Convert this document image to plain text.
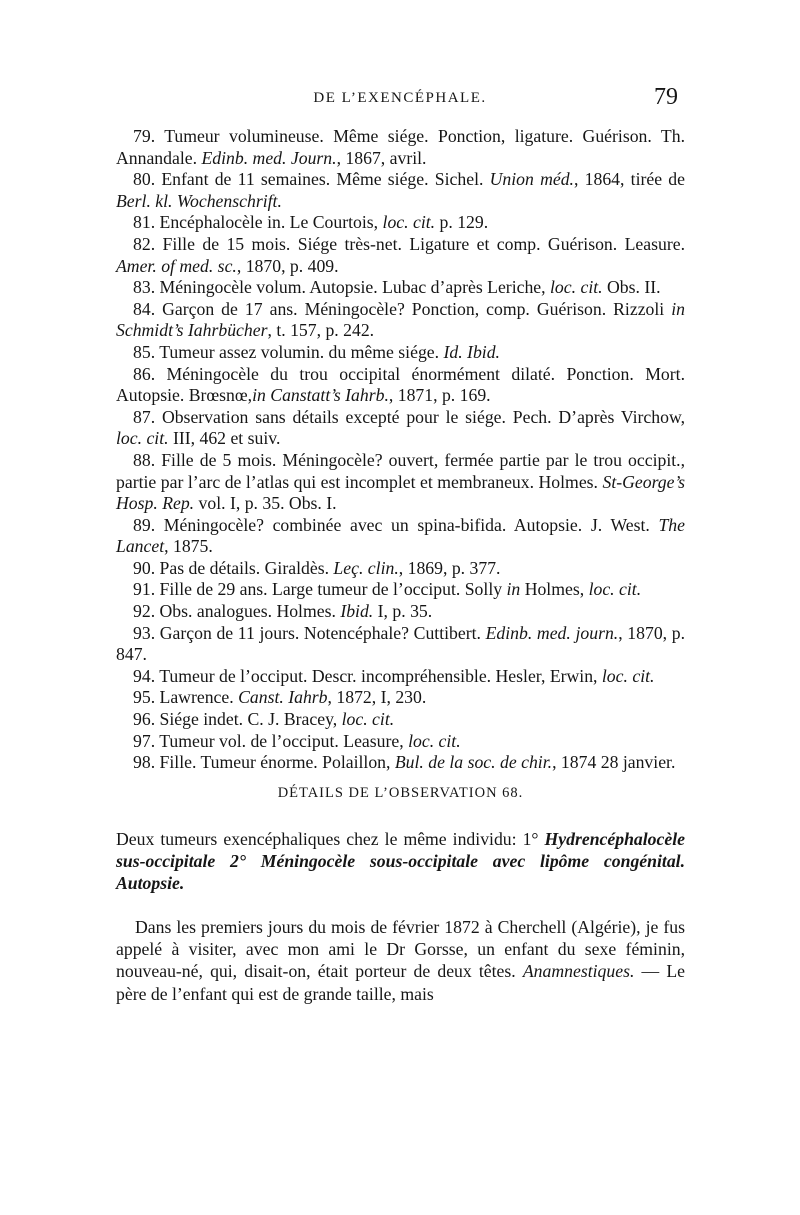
DE L’EXENCÉPHALE.	79

79. Tumeur volumineuse. Même siége. Ponction, ligature. Guérison. Th. Annandale. Edinb. med. Journ., 1867, avril.

80. Enfant de 11 semaines. Même siége. Sichel. Union méd., 1864, tirée de Berl. kl. Wochenschrift.

81. Encéphalocèle in. Le Courtois, loc. cit. p. 129.

82. Fille de 15 mois. Siége très-net. Ligature et comp. Guérison. Leasure. Amer. of med. sc., 1870, p. 409.

83. Méningocèle volum. Autopsie. Lubac d’après Leriche, loc. cit. Obs. II.

84. Garçon de 17 ans. Méningocèle? Ponction, comp. Guérison. Rizzoli in Schmidt’s Iahrbücher, t. 157, p. 242.

85. Tumeur assez volumin. du même siége. Id. Ibid.

86. Méningocèle du trou occipital énormément dilaté. Ponction. Mort. Autopsie. Brœsnœ,in Canstatt’s Iahrb., 1871, p. 169.

87. Observation sans détails excepté pour le siége. Pech. D’après Virchow, loc. cit. III, 462 et suiv.

88. Fille de 5 mois. Méningocèle? ouvert, fermée partie par le trou occipit., partie par l’arc de l’atlas qui est incomplet et membraneux. Holmes. St-George’s Hosp. Rep. vol. I, p. 35. Obs. I.

89. Méningocèle? combinée avec un spina-bifida. Autopsie. J. West. The Lancet, 1875.

90. Pas de détails. Giraldès. Leç. clin., 1869, p. 377.

91. Fille de 29 ans. Large tumeur de l’occiput. Solly in Holmes, loc. cit.

92. Obs. analogues. Holmes. Ibid. I, p. 35.

93. Garçon de 11 jours. Notencéphale? Cuttibert. Edinb. med. journ., 1870, p. 847.

94. Tumeur de l’occiput. Descr. incompréhensible. Hesler, Erwin, loc. cit.

95. Lawrence. Canst. Iahrb, 1872, I, 230.

96. Siége indet. C. J. Bracey, loc. cit.

97. Tumeur vol. de l’occiput. Leasure, loc. cit.

98. Fille. Tumeur énorme. Polaillon, Bul. de la soc. de chir., 1874 28 janvier.

DÉTAILS DE L’OBSERVATION 68.

Deux tumeurs exencéphaliques chez le même individu: 1° Hydrencéphalocèle sus-occipitale 2° Méningocèle sous-occipitale avec lipôme congénital. Autopsie.

Dans les premiers jours du mois de février 1872 à Cherchell (Algérie), je fus appelé à visiter, avec mon ami le Dr Gorsse, un enfant du sexe féminin, nouveau-né, qui, disait-on, était porteur de deux têtes. Anamnestiques. — Le père de l’enfant qui est de grande taille, mais
